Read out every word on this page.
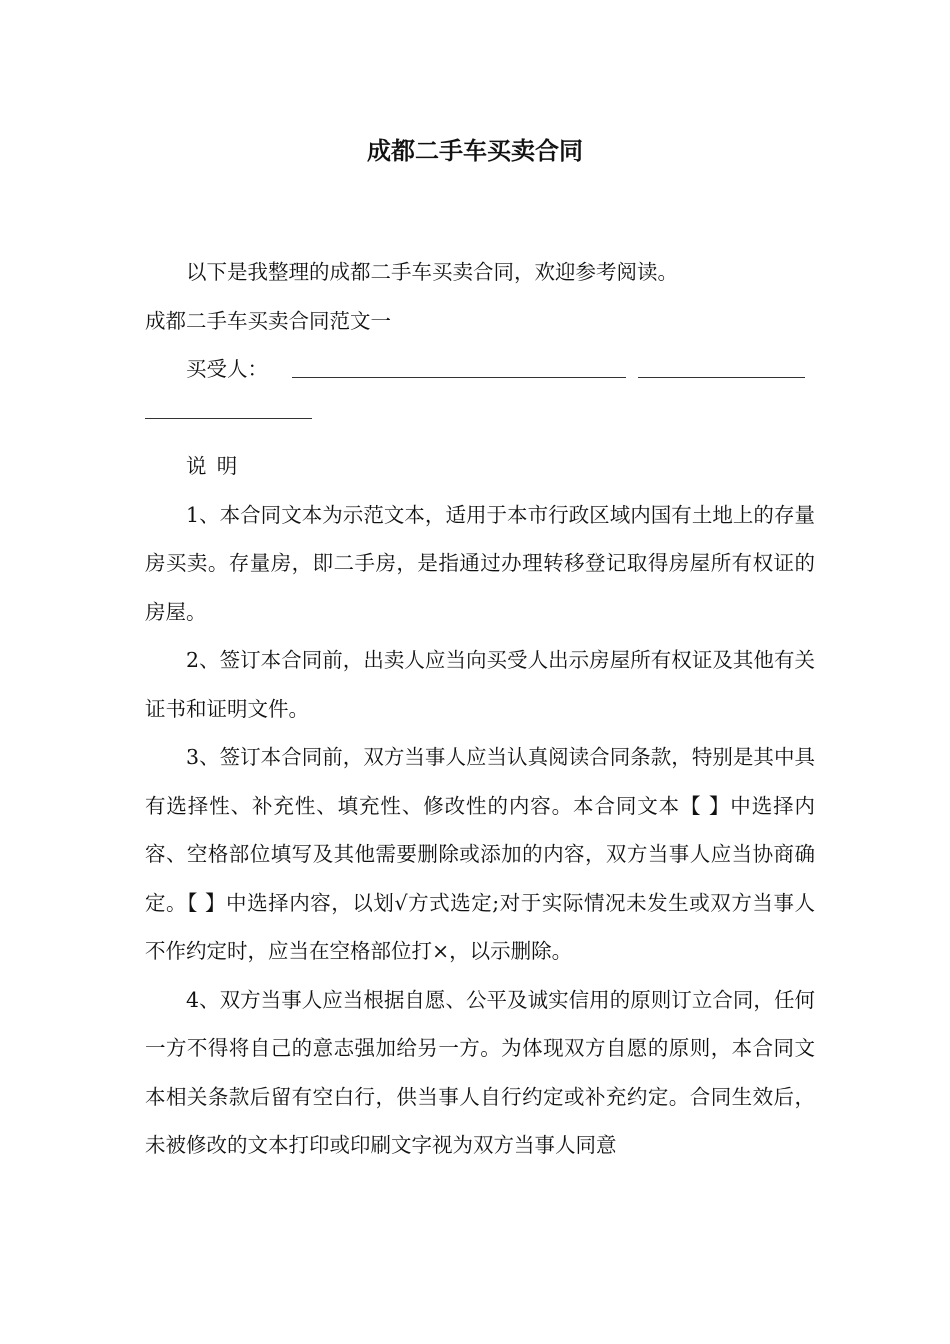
成都二手车买卖合同

以下是我整理的成都二手车买卖合同，欢迎参考阅读。

成都二手车买卖合同范文一

买受人：

说明

1、本合同文本为示范文本，适用于本市行政区域内国有土地上的存量房买卖。存量房，即二手房，是指通过办理转移登记取得房屋所有权证的房屋。

2、签订本合同前，出卖人应当向买受人出示房屋所有权证及其他有关证书和证明文件。

3、签订本合同前，双方当事人应当认真阅读合同条款，特别是其中具有选择性、补充性、填充性、修改性的内容。本合同文本【 】中选择内容、空格部位填写及其他需要删除或添加的内容，双方当事人应当协商确定。【 】中选择内容，以划√方式选定;对于实际情况未发生或双方当事人不作约定时，应当在空格部位打×，以示删除。

4、双方当事人应当根据自愿、公平及诚实信用的原则订立合同，任何一方不得将自己的意志强加给另一方。为体现双方自愿的原则，本合同文本相关条款后留有空白行，供当事人自行约定或补充约定。合同生效后，未被修改的文本打印或印刷文字视为双方当事人同意
